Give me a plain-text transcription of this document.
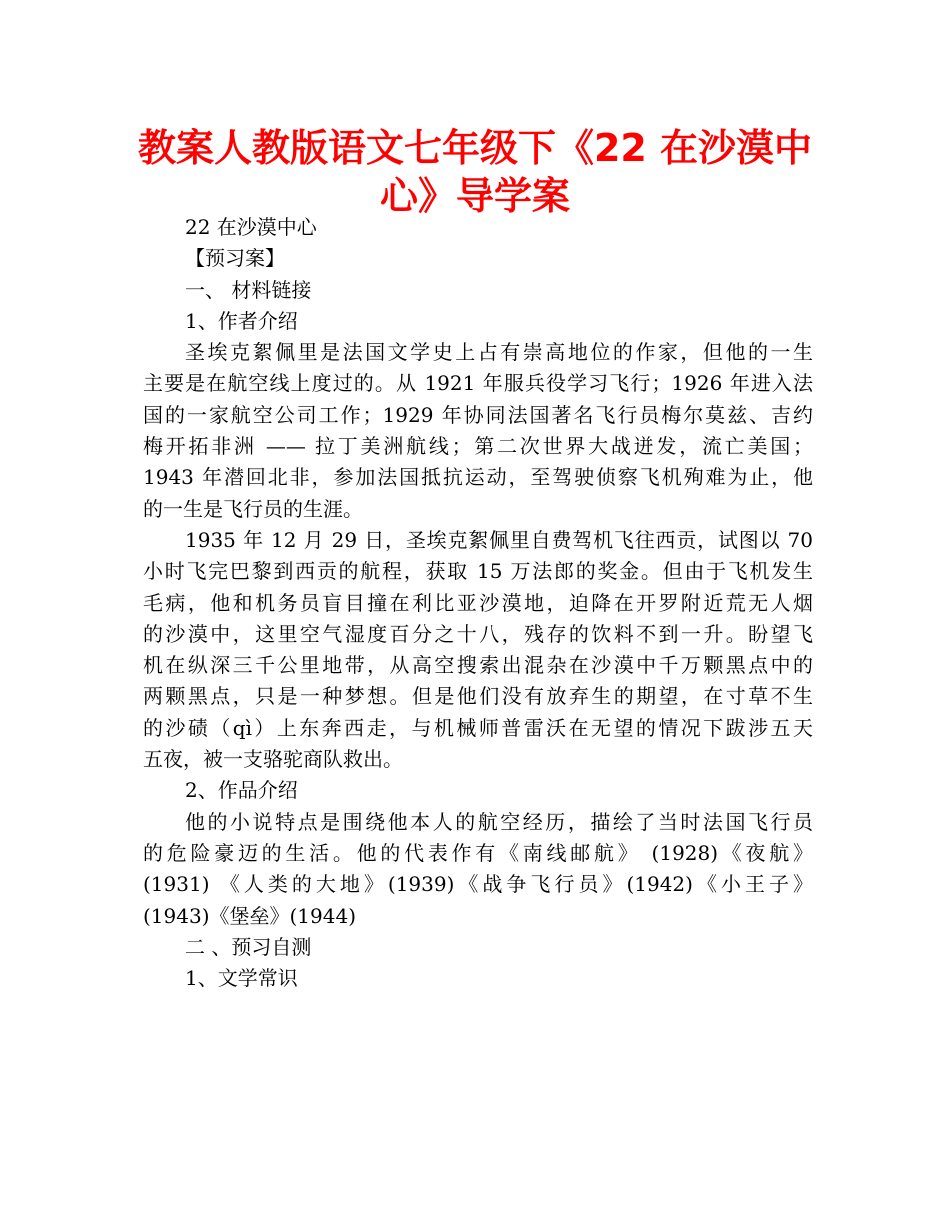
教案人教版语文七年级下《22 在沙漠中
心》导学案
22 在沙漠中心
【预习案】
一、 材料链接
1、作者介绍
圣埃克絮佩里是法国文学史上占有崇高地位的作家，但他的一生
主要是在航空线上度过的。从 1921 年服兵役学习飞行；1926 年进入法
国的一家航空公司工作；1929 年协同法国著名飞行员梅尔莫兹、吉约
梅开拓非洲 —— 拉丁美洲航线；第二次世界大战迸发，流亡美国；
1943 年潜回北非，参加法国抵抗运动，至驾驶侦察飞机殉难为止，他
的一生是飞行员的生涯。
1935 年 12 月 29 日，圣埃克絮佩里自费驾机飞往西贡，试图以 70
小时飞完巴黎到西贡的航程，获取 15 万法郎的奖金。但由于飞机发生
毛病，他和机务员盲目撞在利比亚沙漠地，迫降在开罗附近荒无人烟
的沙漠中，这里空气湿度百分之十八，残存的饮料不到一升。盼望飞
机在纵深三千公里地带，从高空搜索出混杂在沙漠中千万颗黑点中的
两颗黑点，只是一种梦想。但是他们没有放弃生的期望，在寸草不生
的沙碛（qì）上东奔西走，与机械师普雷沃在无望的情况下跋涉五天
五夜，被一支骆驼商队救出。
2、作品介绍
他的小说特点是围绕他本人的航空经历，描绘了当时法国飞行员
的危险豪迈的生活。他的代表作有《南线邮航》 (1928)《夜航》
(1931) 《人类的大地》(1939)《战争飞行员》(1942)《小王子》
(1943)《堡垒》(1944)
二 、预习自测
1、文学常识
